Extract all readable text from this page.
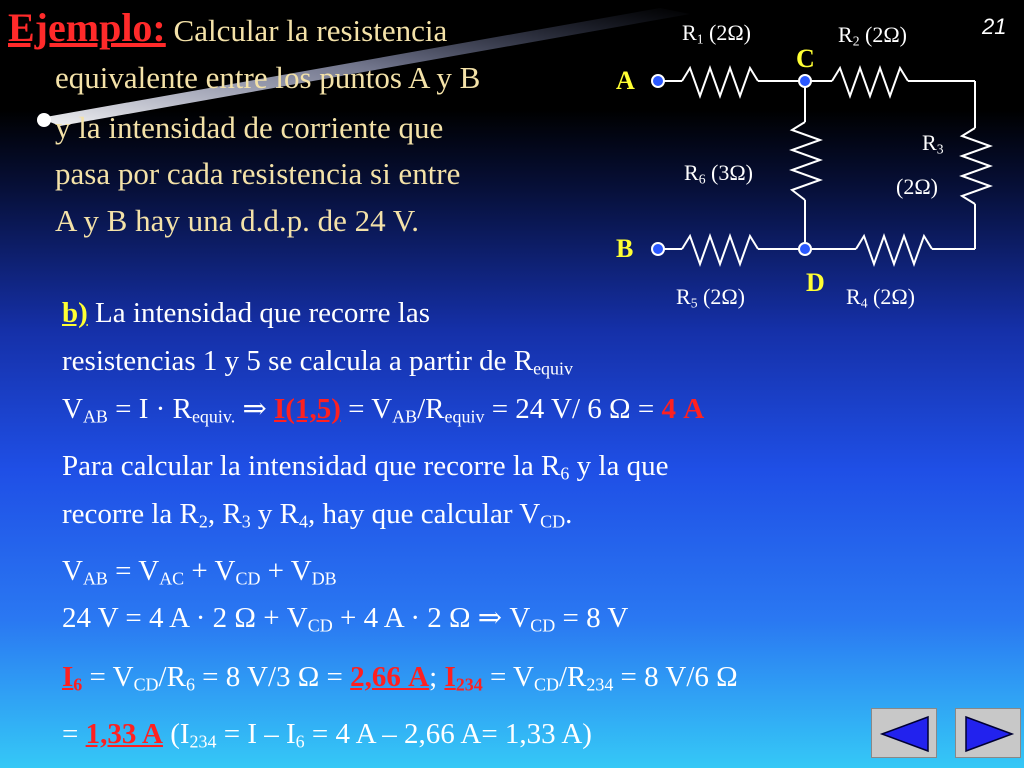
21
Ejemplo: Calcular la resistencia
equivalente entre los puntos A y B
y la intensidad de corriente que
pasa por cada resistencia si entre
A y B hay una d.d.p. de 24 V.
A
B
C
D
$R_1$ (2Ω)	$R_2$ (2Ω)
$R_3$
(2Ω)
$R_6$ (3Ω)
$R_5$ (2Ω)	$R_4$ (2Ω)
b) La intensidad que recorre las
resistencias 1 y 5 se calcula a partir de $R_{equiv}$
$V_{AB} = I \cdot R_{equiv.}$ ⇒ $I(1,5) = V_{AB}/R_{equiv} = 24$ V/ 6 Ω = 4 A
Para calcular la intensidad que recorre la $R_6$ y la que
recorre la $R_2$, $R_3$ y $R_4$, hay que calcular $V_{CD}$.
$V_{AB} = V_{AC} + V_{CD} + V_{DB}$
24 V = 4 A · 2 $\Omega + V_{CD} + 4$ A · 2 Ω ⇒ $V_{CD} = 8$ V
$I_6 = V_{CD}/R_6 = 8$ V/3 Ω = 2,66 A; $I_{234} = V_{CD}/R_{234} = 8$ V/6 Ω
= 1,33 A ($I_{234} = I - I_6 = 4$ A – 2,66 A= 1,33 A)
